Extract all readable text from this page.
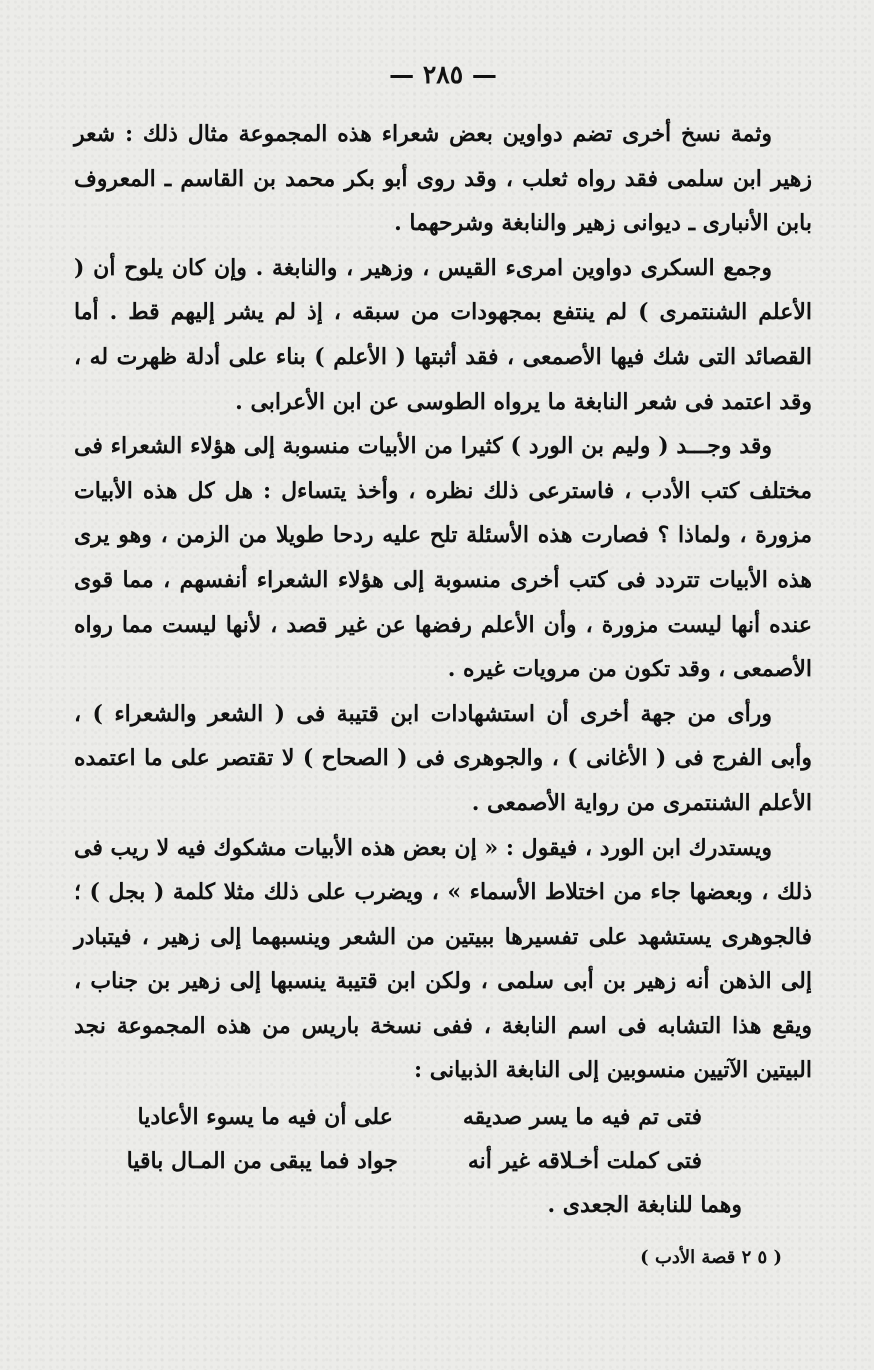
— ٢٨٥ —

وثمة نسخ أخرى تضم دواوين بعض شعراء هذه المجموعة مثال ذلك : شعر زهير ابن سلمى فقد رواه ثعلب ، وقد روى أبو بكر محمد بن القاسم ـ المعروف بابن الأنبارى ـ ديوانى زهير والنابغة وشرحهما .

وجمع السكرى دواوين امرىء القيس ، وزهير ، والنابغة . وإن كان يلوح أن ( الأعلم الشنتمرى ) لم ينتفع بمجهودات من سبقه ، إذ لم يشر إليهم قط . أما القصائد التى شك فيها الأصمعى ، فقد أثبتها ( الأعلم ) بناء على أدلة ظهرت له ، وقد اعتمد فى شعر النابغة ما يرواه الطوسى عن ابن الأعرابى .

وقد وجـــد ( وليم بن الورد ) كثيرا من الأبيات منسوبة إلى هؤلاء الشعراء فى مختلف كتب الأدب ، فاسترعى ذلك نظره ، وأخذ يتساءل : هل كل هذه الأبيات مزورة ، ولماذا ؟ فصارت هذه الأسئلة تلح عليه ردحا طويلا من الزمن ، وهو يرى هذه الأبيات تتردد فى كتب أخرى منسوبة إلى هؤلاء الشعراء أنفسهم ، مما قوى عنده أنها ليست مزورة ، وأن الأعلم رفضها عن غير قصد ، لأنها ليست مما رواه الأصمعى ، وقد تكون من مرويات غيره .

ورأى من جهة أخرى أن استشهادات ابن قتيبة فى ( الشعر والشعراء ) ، وأبى الفرج فى ( الأغانى ) ، والجوهرى فى ( الصحاح ) لا تقتصر على ما اعتمده الأعلم الشنتمرى من رواية الأصمعى .

ويستدرك ابن الورد ، فيقول : « إن بعض هذه الأبيات مشكوك فيه لا ريب فى ذلك ، وبعضها جاء من اختلاط الأسماء » ، ويضرب على ذلك مثلا كلمة ( بجل ) ؛ فالجوهرى يستشهد على تفسيرها ببيتين من الشعر وينسبهما إلى زهير ، فيتبادر إلى الذهن أنه زهير بن أبى سلمى ، ولكن ابن قتيبة ينسبها إلى زهير بن جناب ، ويقع هذا التشابه فى اسم النابغة ، ففى نسخة باريس من هذه المجموعة نجد البيتين الآتيين منسوبين إلى النابغة الذبيانى :

فتى تم فيه ما يسر صديقه
على أن فيه ما يسوء الأعاديا
فتى كملت أخـلاقه غير أنه
جواد فما يبقى من المـال باقيا
وهما للنابغة الجعدى .
( ٥ ٢ قصة الأدب )
